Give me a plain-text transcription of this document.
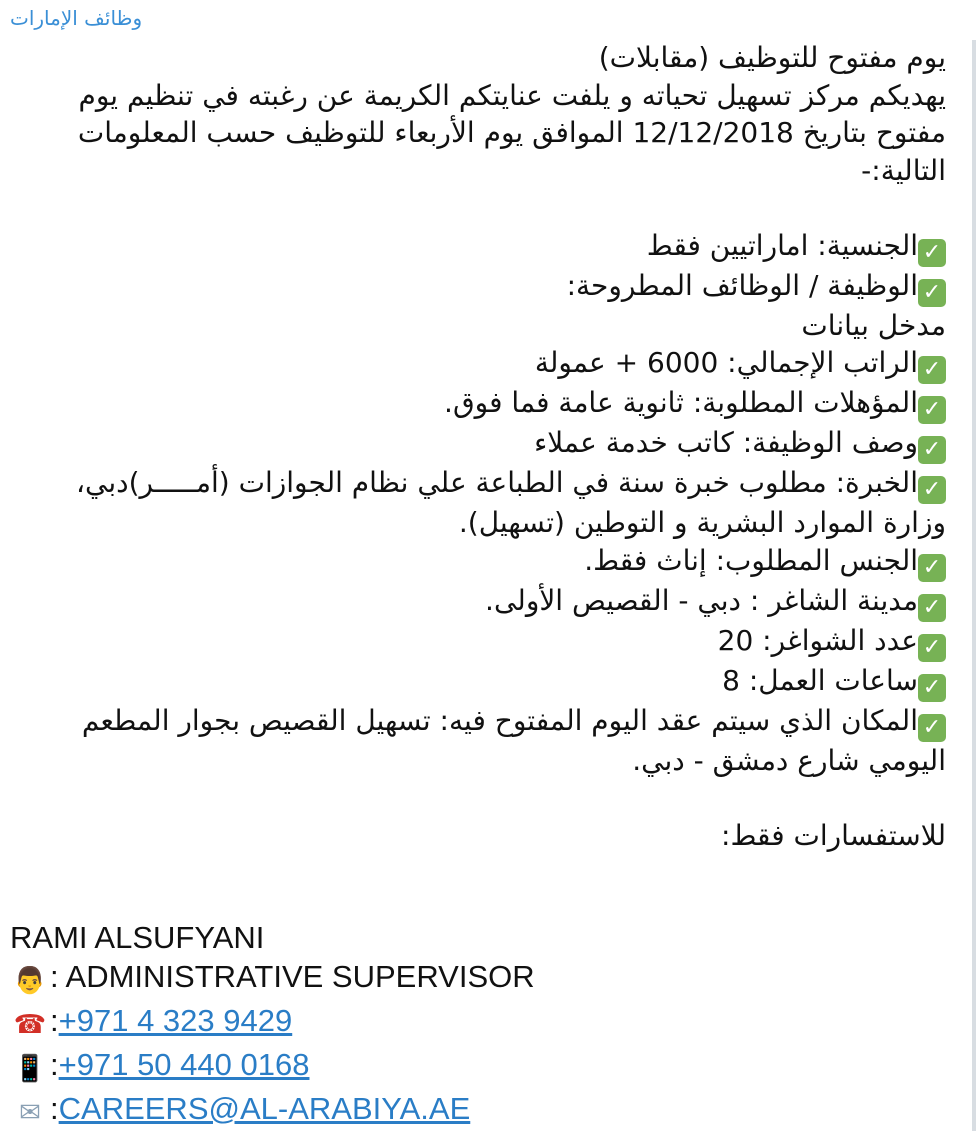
وظائف الإمارات

يوم مفتوح للتوظيف (مقابلات)

يهديكم مركز تسهيل تحياته و يلفت عنايتكم الكريمة عن رغبته في تنظيم يوم مفتوح بتاريخ 12/12/2018 الموافق يوم الأربعاء للتوظيف حسب المعلومات التالية:-

✓الجنسية: اماراتيين فقط

✓الوظيفة / الوظائف المطروحة:

مدخل بيانات

✓الراتب الإجمالي: 6000 + عمولة

✓المؤهلات المطلوبة: ثانوية عامة فما فوق.

✓وصف الوظيفة: كاتب خدمة عملاء

✓الخبرة: مطلوب خبرة سنة في الطباعة علي نظام الجوازات (أمـــــر)دبي، وزارة الموارد البشرية و التوطين (تسهيل).

✓الجنس المطلوب: إناث فقط.

✓مدينة الشاغر : دبي - القصيص الأولى.

✓عدد الشواغر: 20

✓ساعات العمل: 8

✓المكان الذي سيتم عقد اليوم المفتوح فيه: تسهيل القصيص بجوار المطعم اليومي شارع دمشق - دبي.

للاستفسارات فقط:

RAMI ALSUFYANI

👨 : ADMINISTRATIVE SUPERVISOR

☎ :+971 4 323 9429

📱 :+971 50 440 0168

✉ :CAREERS@AL-ARABIYA.AE
